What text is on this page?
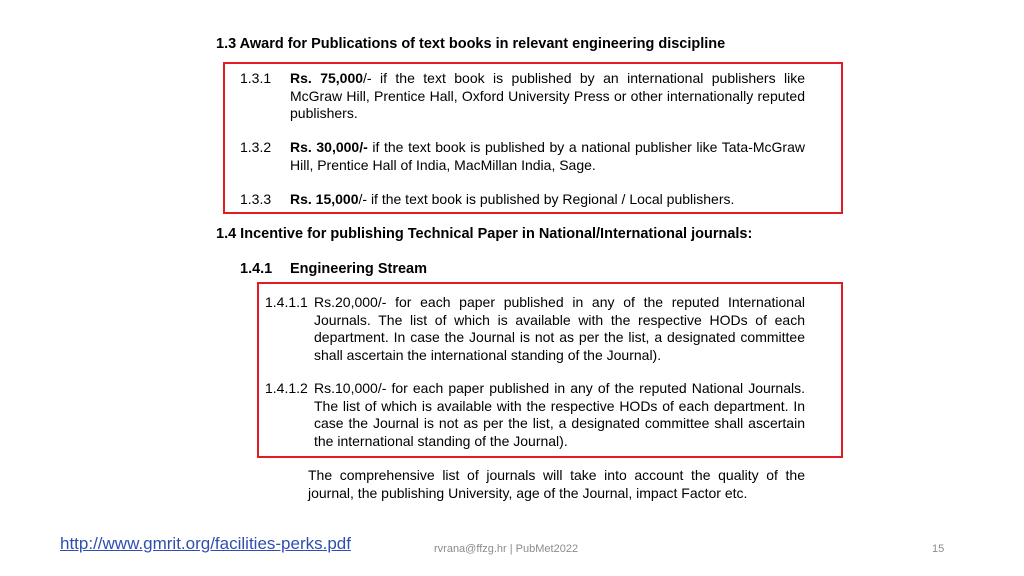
1.3 Award for Publications of text books in relevant engineering discipline
1.3.1 Rs. 75,000/- if the text book is published by an international publishers like McGraw Hill, Prentice Hall, Oxford University Press or other internationally reputed publishers.
1.3.2 Rs. 30,000/- if the text book is published by a national publisher like Tata-McGraw Hill, Prentice Hall of India, MacMillan India, Sage.
1.3.3 Rs. 15,000/- if the text book is published by Regional / Local publishers.
1.4 Incentive for publishing Technical Paper in National/International journals:
1.4.1 Engineering Stream
1.4.1.1 Rs.20,000/- for each paper published in any of the reputed International Journals. The list of which is available with the respective HODs of each department. In case the Journal is not as per the list, a designated committee shall ascertain the international standing of the Journal).
1.4.1.2 Rs.10,000/- for each paper published in any of the reputed National Journals. The list of which is available with the respective HODs of each department. In case the Journal is not as per the list, a designated committee shall ascertain the international standing of the Journal).
The comprehensive list of journals will take into account the quality of the journal, the publishing University, age of the Journal, impact Factor etc.
http://www.gmrit.org/facilities-perks.pdf	rvrana@ffzg.hr | PubMet2022	15
